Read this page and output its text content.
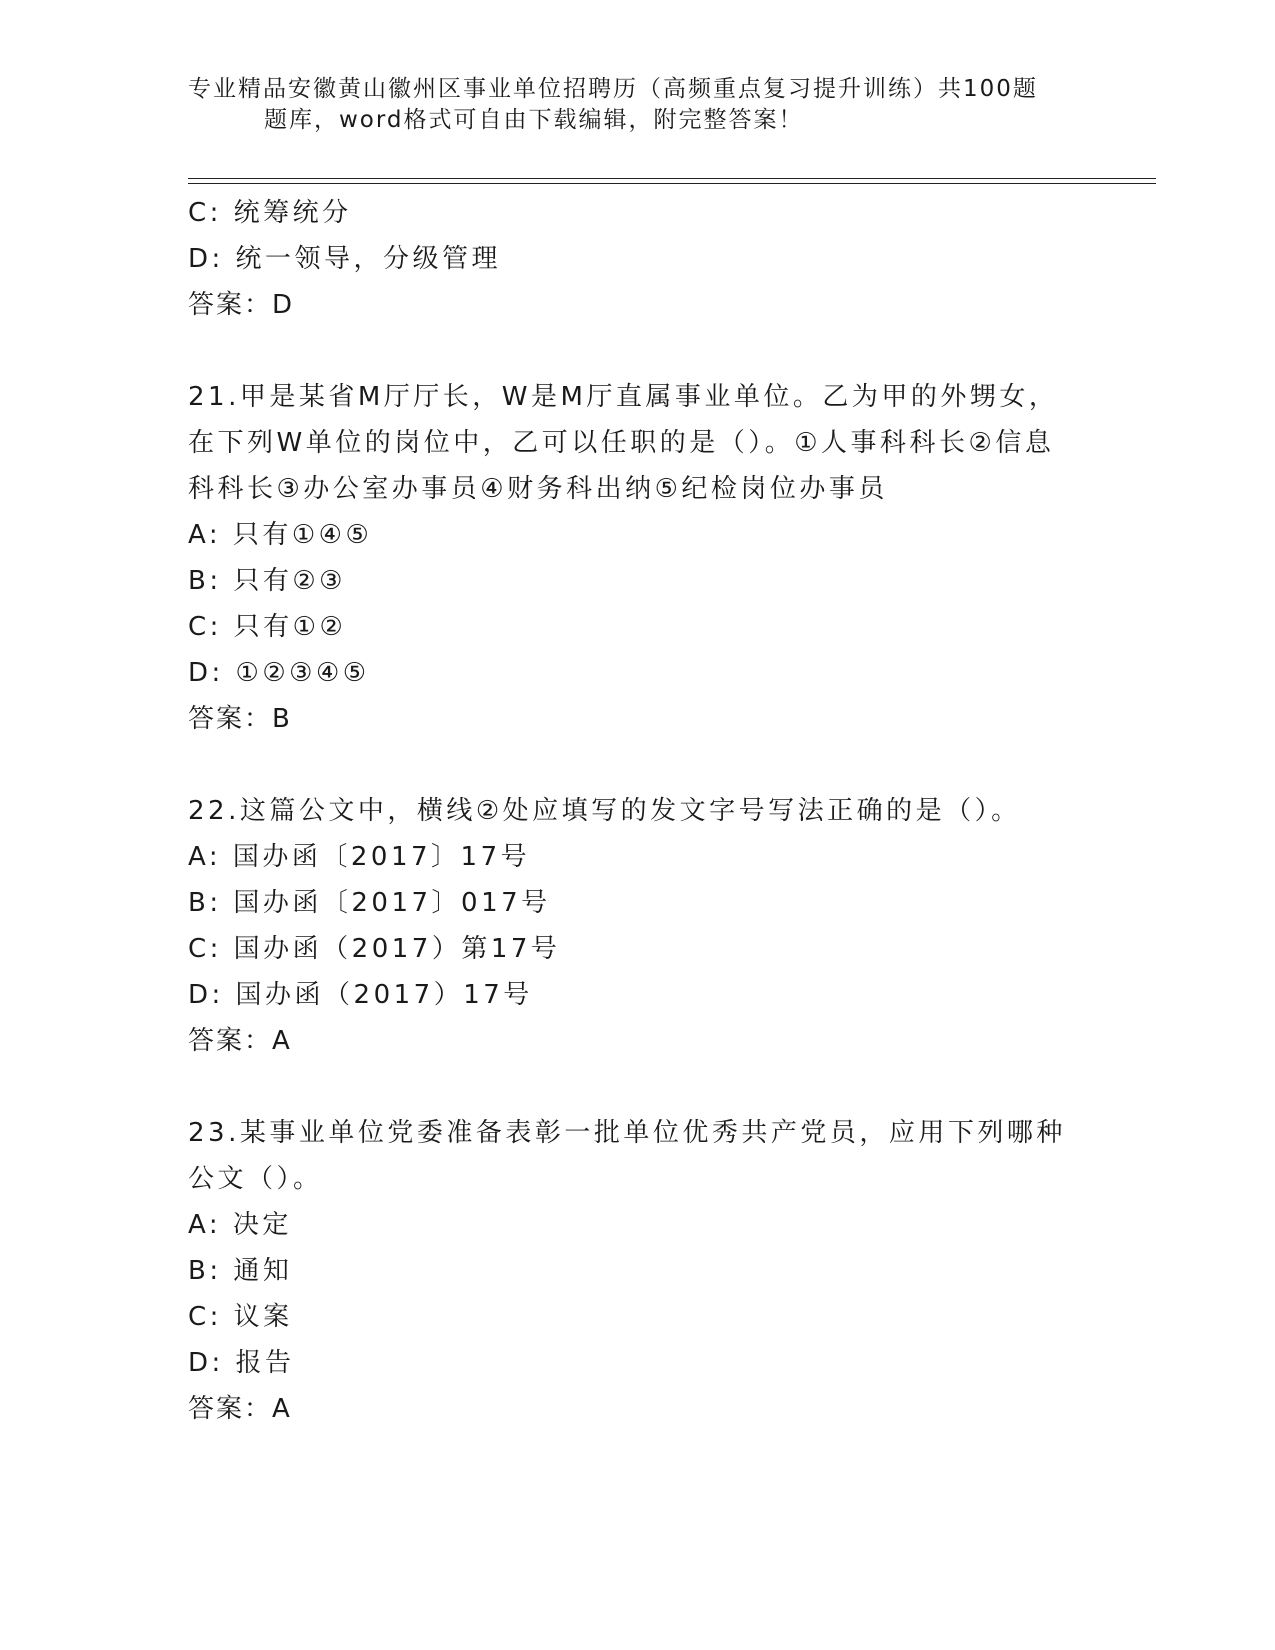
专业精品安徽黄山徽州区事业单位招聘历（高频重点复习提升训练）共100题
题库，word格式可自由下载编辑，附完整答案！
C: 统筹统分
D: 统一领导，分级管理
答案：D
21.甲是某省M厅厅长，W是M厅直属事业单位。乙为甲的外甥女，在下列W单位的岗位中，乙可以任职的是（）。①人事科科长②信息科科长③办公室办事员④财务科出纳⑤纪检岗位办事员
A: 只有①④⑤
B: 只有②③
C: 只有①②
D: ①②③④⑤
答案：B
22.这篇公文中，横线②处应填写的发文字号写法正确的是（）。
A: 国办函〔2017〕17号
B: 国办函〔2017〕017号
C: 国办函（2017）第17号
D: 国办函（2017）17号
答案：A
23.某事业单位党委准备表彰一批单位优秀共产党员，应用下列哪种公文（）。
A: 决定
B: 通知
C: 议案
D: 报告
答案：A
